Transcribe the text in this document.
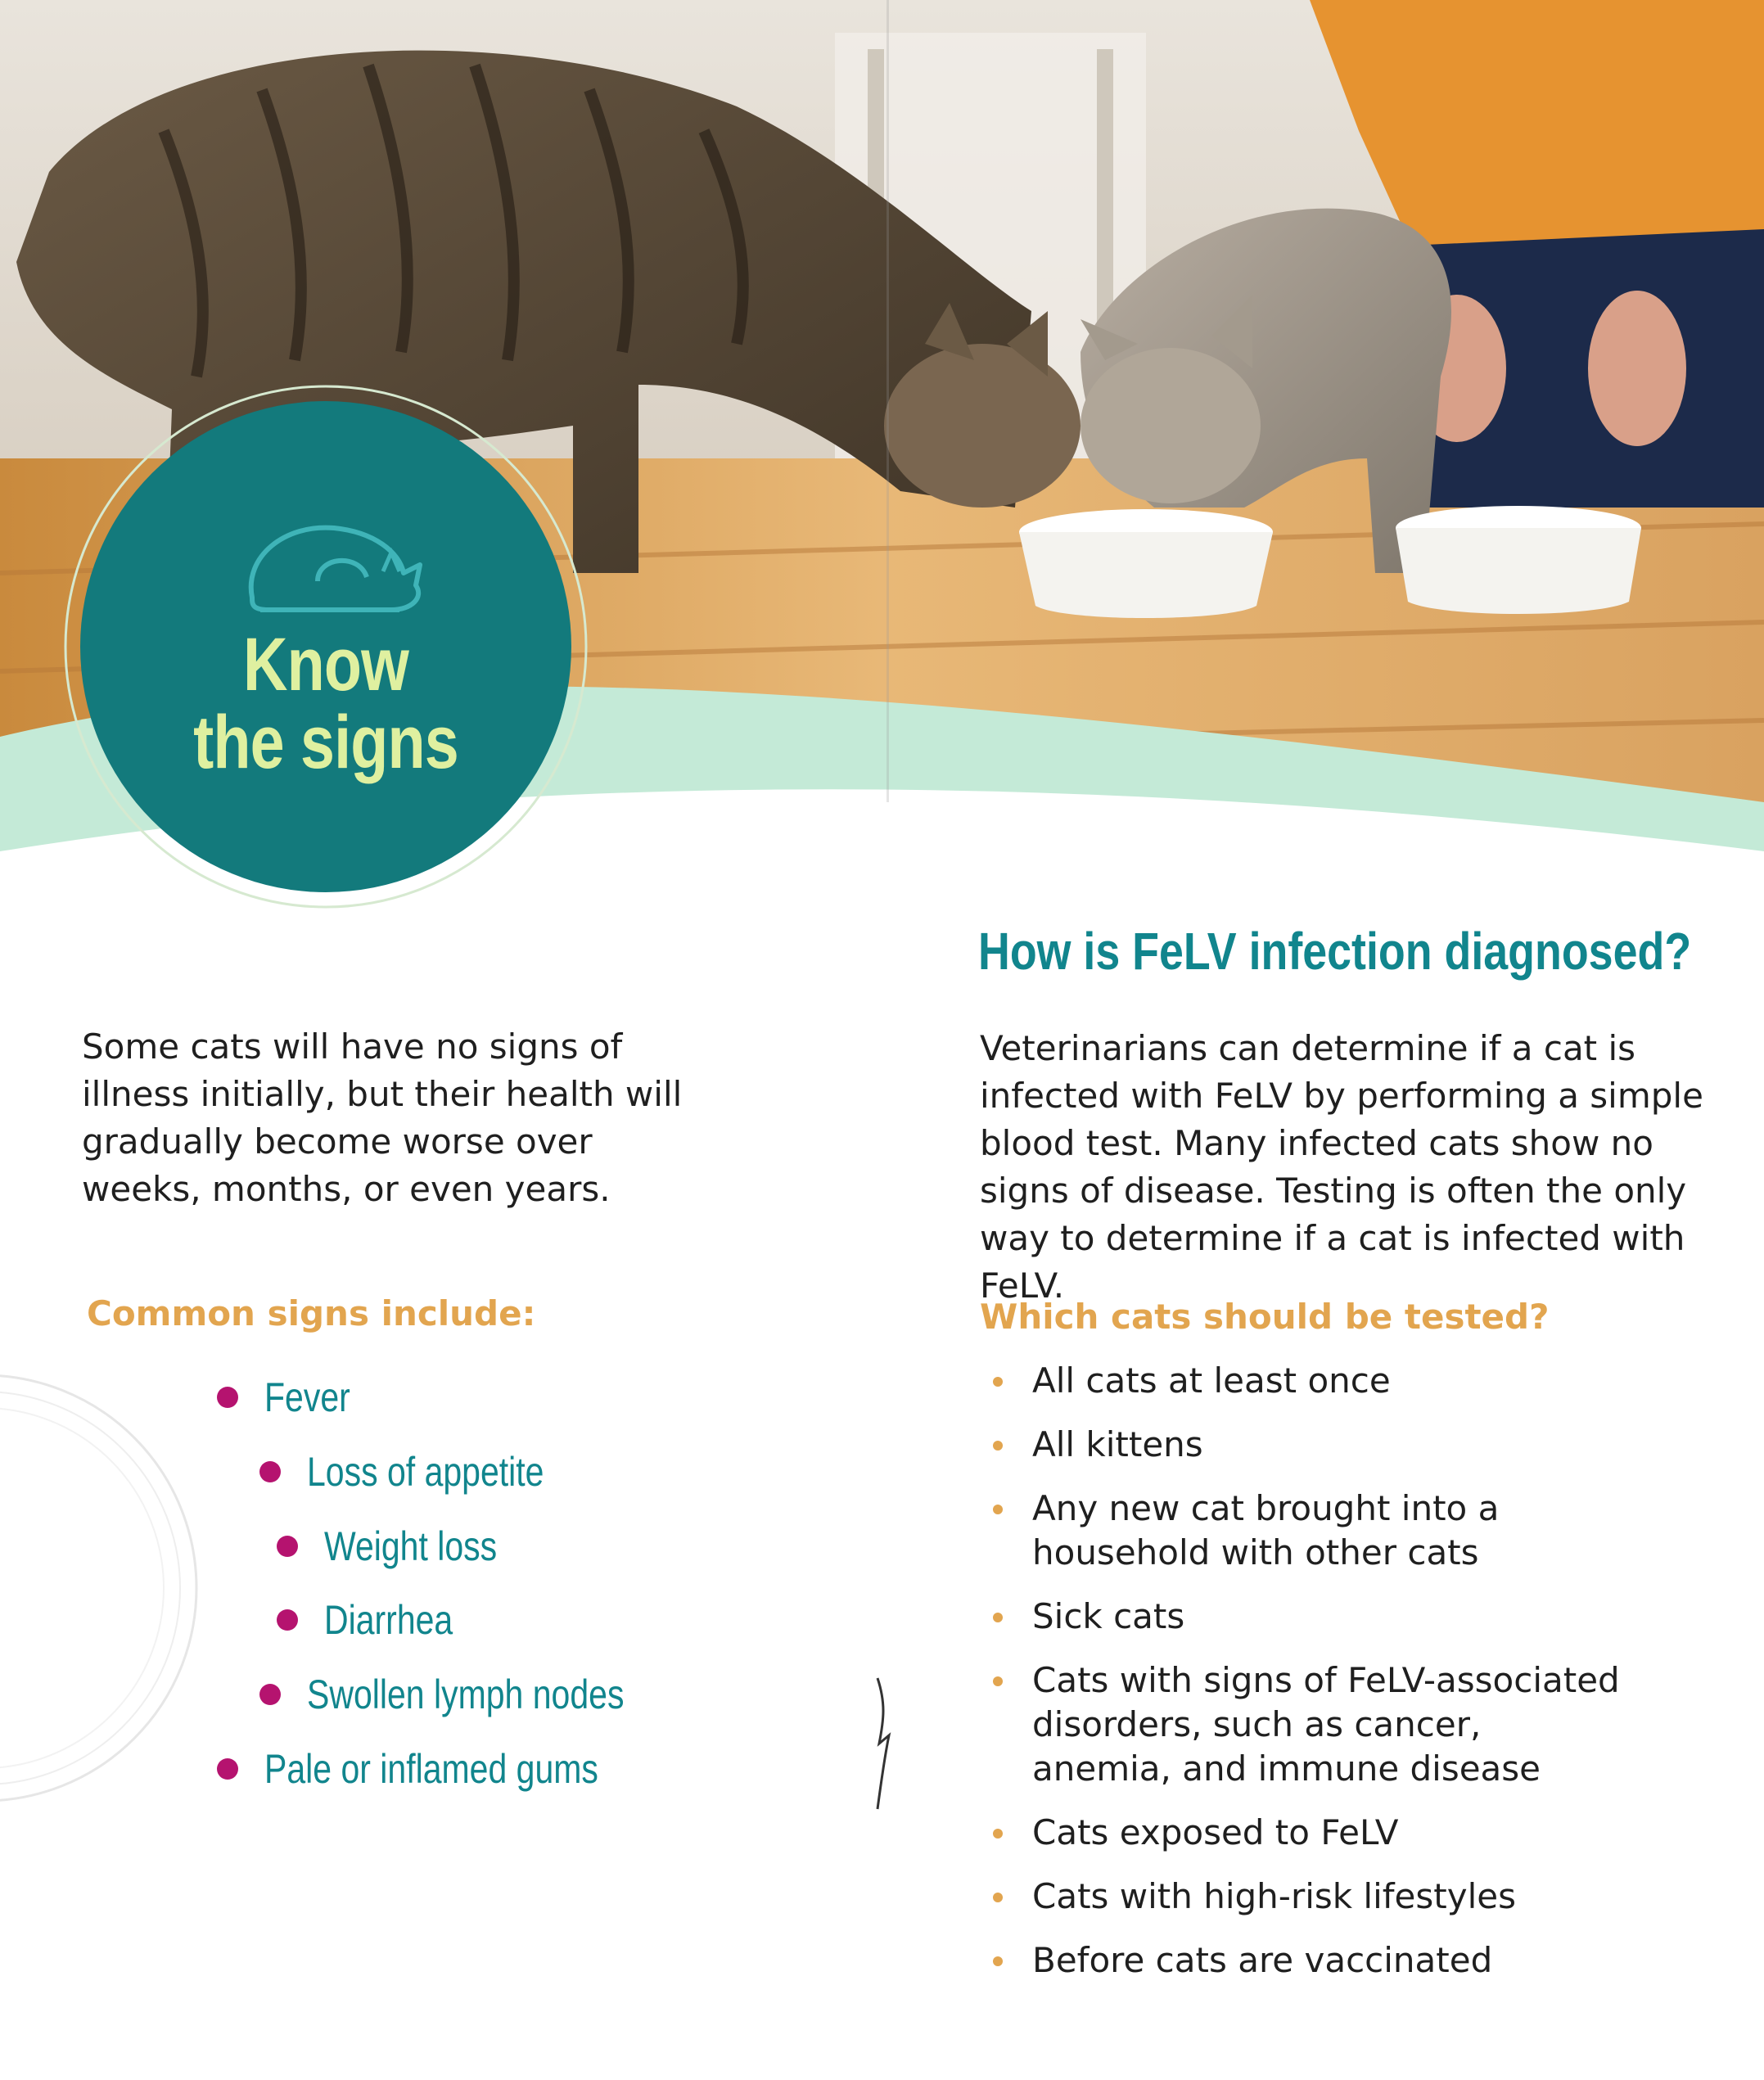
Know
the signs
Some cats will have no signs of illness initially, but their health will gradually become worse over weeks, months, or even years.
Common signs include:
Fever
Loss of appetite
Weight loss
Diarrhea
Swollen lymph nodes
Pale or inflamed gums
How is FeLV infection diagnosed?
Veterinarians can determine if a cat is infected with FeLV by performing a simple blood test. Many infected cats show no signs of disease. Testing is often the only way to determine if a cat is infected with FeLV.
Which cats should be tested?
All cats at least once
All kittens
Any new cat brought into a household with other cats
Sick cats
Cats with signs of FeLV-associated disorders, such as cancer, anemia, and immune disease
Cats exposed to FeLV
Cats with high-risk lifestyles
Before cats are vaccinated
